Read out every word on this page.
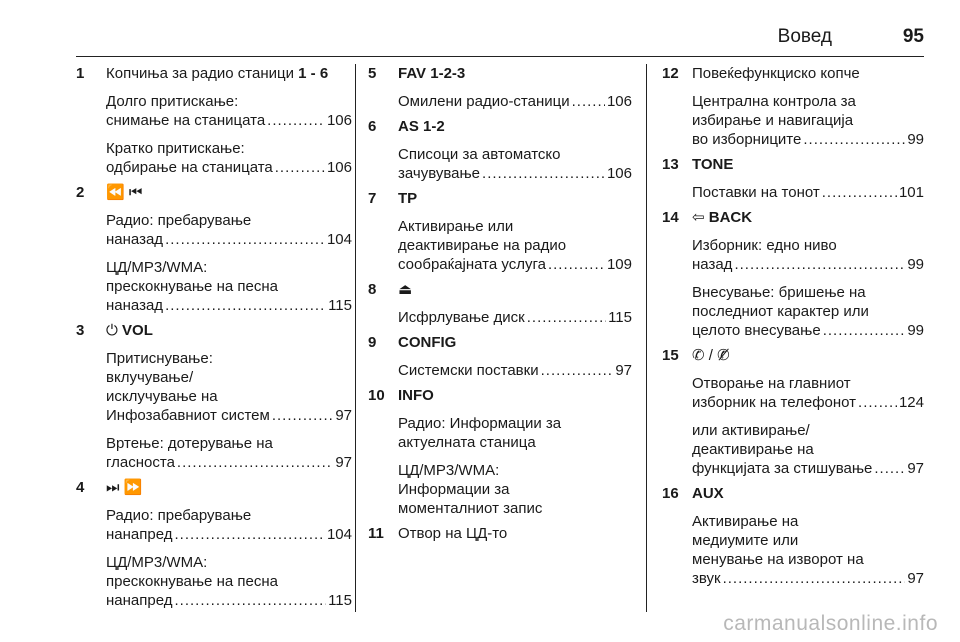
Вовед	95
1	Копчиња за радио станици 1 - 6
Долго притискање:
снимање на станицата .....	106
Кратко притискање:
одбирање на станицата .....	106
2	⏪ ⏮
Радио: пребарување
наназад .....	104
ЦД/MP3/WMA:
прескокнување на песна
наназад .....	115
3	⏻ VOL
Притиснување:
вклучување/
исклучување на
Инфозабавниот систем .....	97
Вртење: дотерување на
гласноста .....	97
4	⏭ ⏩
Радио: пребарување
нанапред .....	104
ЦД/MP3/WMA:
прескокнување на песна
нанапред .....	115
5	FAV 1-2-3
Омилени радио-станици ..... 106
6	AS 1-2
Списоци за автоматско
зачувување .....	106
7	TP
Активирање или
деактивирање на радио
сообраќајната услуга .....	109
8	⏏
Исфрлување диск .....	115
9	CONFIG
Системски поставки .....	97
10 INFO
Радио: Информации за
актуелната станица
ЦД/MP3/WMA:
Информации за
моменталниот запис
11 Отвор на ЦД-то
12 Повеќефункциско копче
Централна контрола за
избирање и навигација
во изборниците .....	99
13 TONE
Поставки на тонот .....	101
14 ⇦ BACK
Изборник: едно ниво
назад .....	99
Внесување: бришење на
последниот карактер или
целото внесување .....	99
15 ✆ / ✆̸
Отворање на главниот
изборник на телефонот .....	124
или активирање/
деактивирање на
функцијата за стишување ..... 97
16 AUX
Активирање на
медиумите или
менување на извoрот на
звук .....	97
carmanualsonline.info
